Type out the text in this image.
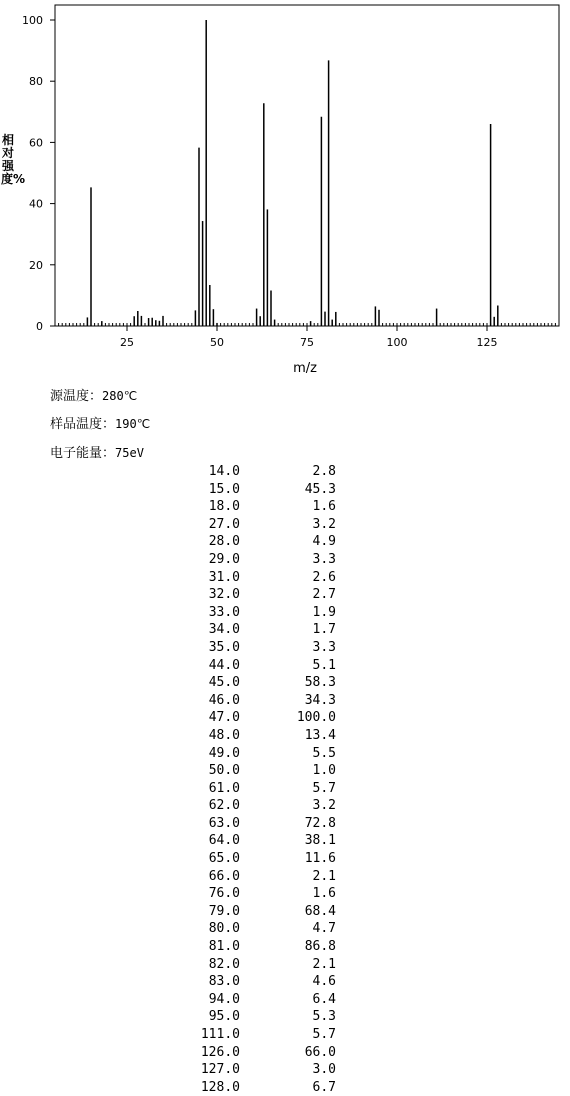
0
20
40
60
80
100
25	50	75	100	125
m/z
相对强度%
源温度：280℃
样品温度：190℃
电子能量：75eV
14.0	2.8
15.0	45.3
18.0	1.6
27.0	3.2
28.0	4.9
29.0	3.3
31.0	2.6
32.0	2.7
33.0	1.9
34.0	1.7
35.0	3.3
44.0	5.1
45.0	58.3
46.0	34.3
47.0	100.0
48.0	13.4
49.0	5.5
50.0	1.0
61.0	5.7
62.0	3.2
63.0	72.8
64.0	38.1
65.0	11.6
66.0	2.1
76.0	1.6
79.0	68.4
80.0	4.7
81.0	86.8
82.0	2.1
83.0	4.6
94.0	6.4
95.0	5.3
111.0	5.7
126.0	66.0
127.0	3.0
128.0	6.7
